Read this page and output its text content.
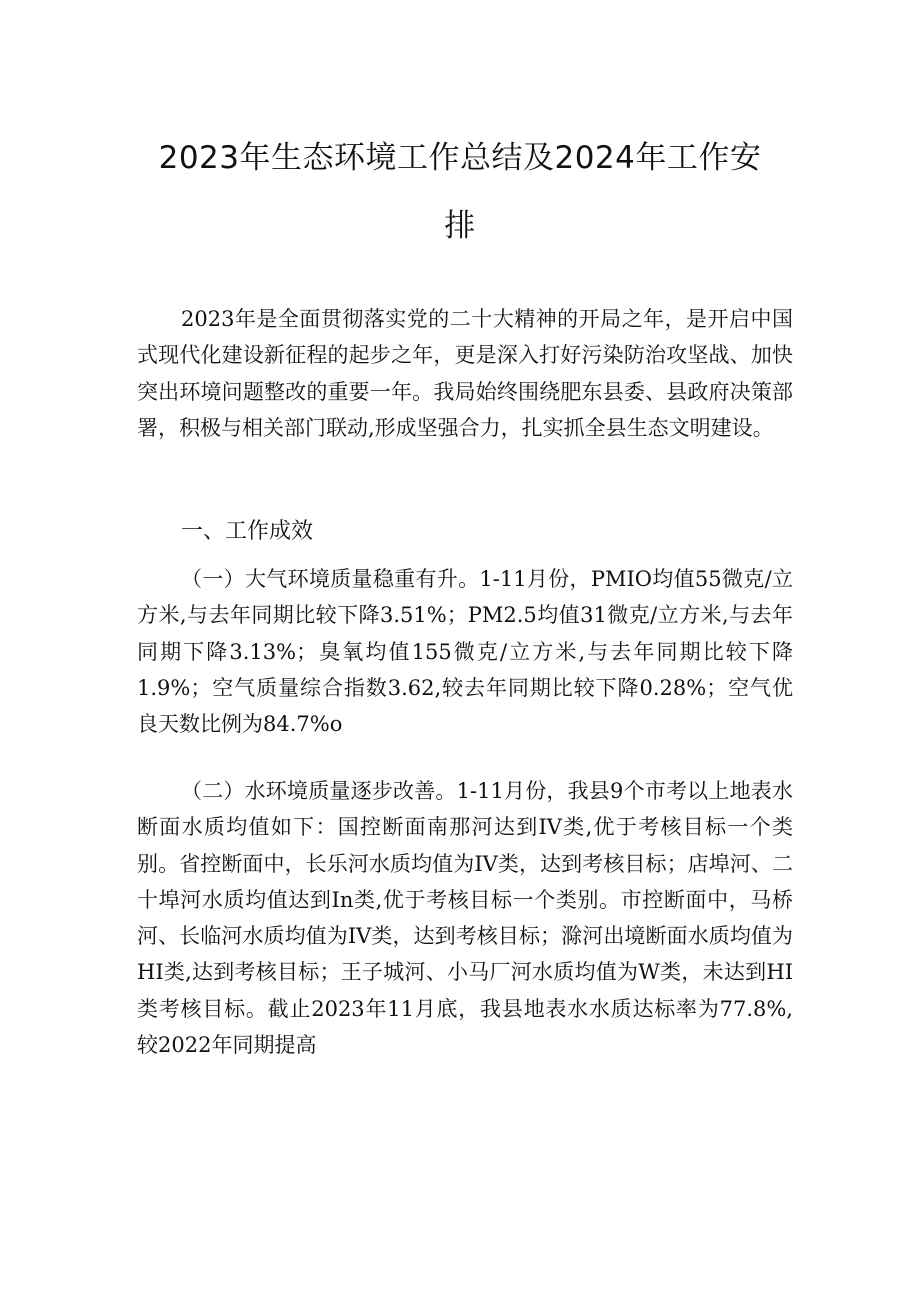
2023年生态环境工作总结及2024年工作安
排

2023年是全面贯彻落实党的二十大精神的开局之年，是开启中国式现代化建设新征程的起步之年，更是深入打好污染防治攻坚战、加快突出环境问题整改的重要一年。我局始终围绕肥东县委、县政府决策部署，积极与相关部门联动,形成坚强合力，扎实抓全县生态文明建设。

一、工作成效

（一）大气环境质量稳重有升。1-11月份，PMIO均值55微克/立方米,与去年同期比较下降3.51%；PM2.5均值31微克/立方米,与去年同期下降3.13%；臭氧均值155微克/立方米,与去年同期比较下降1.9%；空气质量综合指数3.62,较去年同期比较下降0.28%；空气优良天数比例为84.7%o

（二）水环境质量逐步改善。1-11月份，我县9个市考以上地表水断面水质均值如下：国控断面南那河达到IV类,优于考核目标一个类别。省控断面中，长乐河水质均值为IV类，达到考核目标；店埠河、二十埠河水质均值达到In类,优于考核目标一个类别。市控断面中，马桥河、长临河水质均值为IV类，达到考核目标；滁河出境断面水质均值为HI类,达到考核目标；王子城河、小马厂河水质均值为W类，未达到HI类考核目标。截止2023年11月底，我县地表水水质达标率为77.8%,较2022年同期提高
